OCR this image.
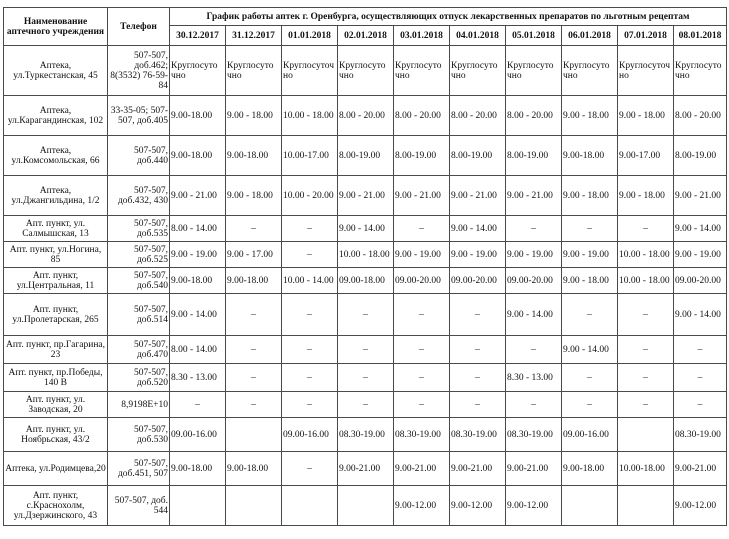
Наименование аптечного учреждения	Телефон	График работы аптек г. Оренбурга, осуществляющих отпуск лекарственных препаратов по льготным рецептам									
		30.12.2017	31.12.2017	01.01.2018	02.01.2018	03.01.2018	04.01.2018	05.01.2018	06.01.2018	07.01.2018	08.01.2018
Аптека, ул.Туркестанская, 45	507-507, доб.462; 8(3532) 76-59-84	Круглосуто чно	Круглосуто чно	Круглосуточ но	Круглосуто чно	Круглосуто чно	Круглосуто чно	Круглосуто чно	Круглосуто чно	Круглосуточ но	Круглосуто чно
Аптека, ул.Карагандинская, 102	33-35-05; 507-507, доб.405	9.00-18.00	9.00 - 18.00	10.00 - 18.00	8.00 - 20.00	8.00 - 20.00	8.00 - 20.00	8.00 - 20.00	9.00 - 18.00	9.00 - 18.00	8.00 - 20.00
Аптека, ул.Комсомольская, 66	507-507, доб.440	9.00-18.00	9.00-18.00	10.00-17.00	8.00-19.00	8.00-19.00	8.00-19.00	8.00-19.00	9.00-18.00	9.00-17.00	8.00-19.00
Аптека, ул.Джангильдина, 1/2	507-507, доб.432, 430	9.00 - 21.00	9.00 - 18.00	10.00 - 20.00	9.00 - 21.00	9.00 - 21.00	9.00 - 21.00	9.00 - 21.00	9.00 - 18.00	9.00 - 18.00	9.00 - 21.00
Апт. пункт, ул. Салмышская, 13	507-507, доб.535	8.00 - 14.00	–	–	9.00 - 14.00	–	9.00 - 14.00	–	–	–	9.00 - 14.00
Апт. пункт, ул.Ногина, 85	507-507, доб.525	9.00 - 19.00	9.00 - 17.00	–	10.00 - 18.00	9.00 - 19.00	9.00 - 19.00	9.00 - 19.00	9.00 - 19.00	10.00 - 18.00	9.00 - 19.00
Апт. пункт, ул.Центральная, 11	507-507, доб.540	9.00-18.00	9.00-18.00	10.00 - 14.00	09.00-18.00	09.00-20.00	09.00-20.00	09.00-20.00	9.00 - 18.00	10.00 - 18.00	09.00-20.00
Апт. пункт, ул.Пролетарская, 265	507-507, доб.514	9.00 - 14.00	–	–	–	–	–	9.00 - 14.00	–	–	9.00 - 14.00
Апт. пункт, пр.Гагарина, 23	507-507, доб.470	8.00 - 14.00	–	–	–	–	–	–	9.00 - 14.00	–	–
Апт. пункт, пр.Победы, 140 В	507-507, доб.520	8.30 - 13.00	–	–	–	–	–	8.30 - 13.00	–	–	–
Апт. пункт, ул. Заводская, 20	8,9198E+10	–	–	–	–	–	–	–	–	–	–
Апт. пункт, ул. Ноябрьская, 43/2	507-507, доб.530	09.00-16.00		09.00-16.00	08.30-19.00	08.30-19.00	08.30-19.00	08.30-19.00	09.00-16.00		08.30-19.00
Аптека, ул.Родимцева,20	507-507, доб.451, 507	9.00-18.00	9.00-18.00	–	9.00-21.00	9.00-21.00	9.00-21.00	9.00-21.00	9.00-18.00	10.00-18.00	9.00-21.00
Апт. пункт, с.Краснохолм, ул.Дзержинского, 43	507-507, доб. 544					9.00-12.00	9.00-12.00	9.00-12.00			9.00-12.00
